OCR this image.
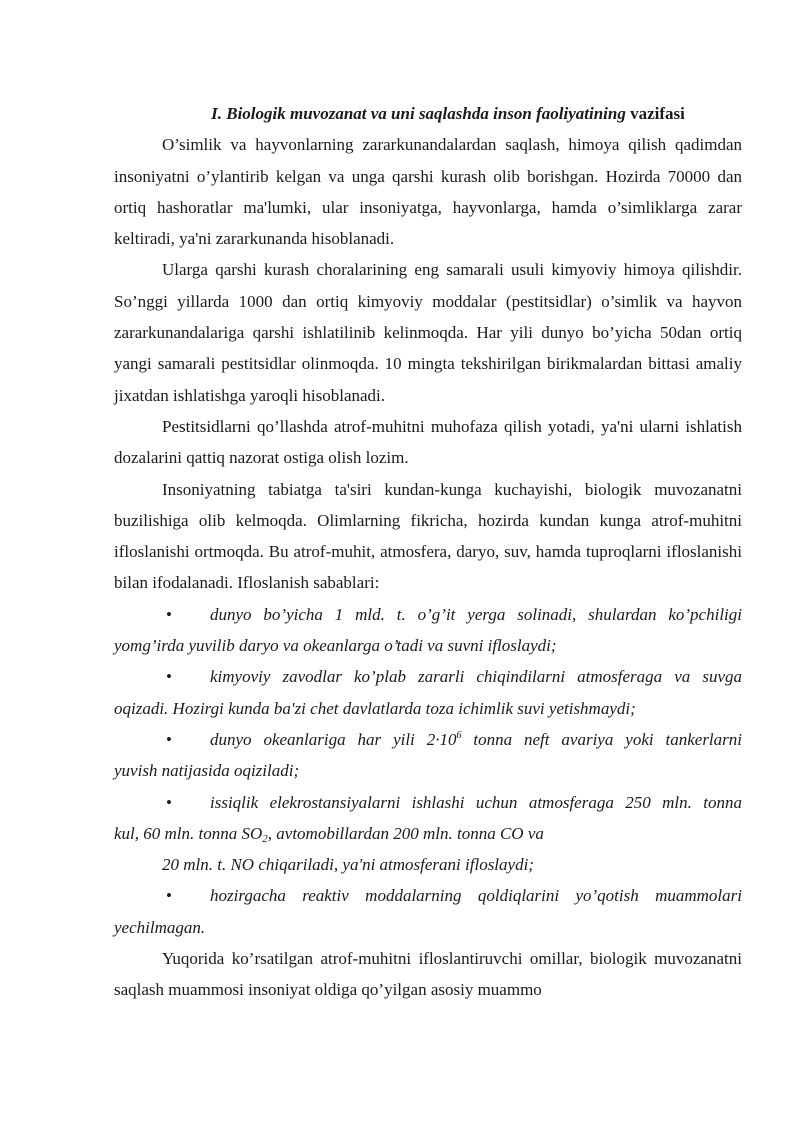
I. Biologik muvozanat va uni saqlashda inson faoliyatining vazifasi

O’simlik va hayvonlarning zararkunandalardan saqlash, himoya qilish qadimdan insoniyatni o’ylantirib kelgan va unga qarshi kurash olib borishgan. Hozirda 70000 dan ortiq hashoratlar ma'lumki, ular insoniyatga, hayvonlarga, hamda o’simliklarga zarar keltiradi, ya'ni zararkunanda hisoblanadi.

Ularga qarshi kurash choralarining eng samarali usuli kimyoviy himoya qilishdir. So’nggi yillarda 1000 dan ortiq kimyoviy moddalar (pestitsidlar) o’simlik va hayvon zararkunandalariga qarshi ishlatilinib kelinmoqda. Har yili dunyo bo’yicha 50dan ortiq yangi samarali pestitsidlar olinmoqda. 10 mingta tekshirilgan birikmalardan bittasi amaliy jixatdan ishlatishga yaroqli hisoblanadi.

Pestitsidlarni qo’llashda atrof-muhitni muhofaza qilish yotadi, ya'ni ularni ishlatish dozalarini qattiq nazorat ostiga olish lozim.

Insoniyatning tabiatga ta'siri kundan-kunga kuchayishi, biologik muvozanatni buzilishiga olib kelmoqda. Olimlarning fikricha, hozirda kundan kunga atrof-muhitni ifloslanishi ortmoqda. Bu atrof-muhit, atmosfera, daryo, suv, hamda tuproqlarni ifloslanishi bilan ifodalanadi. Ifloslanish sabablari:

• dunyo bo’yicha 1 mld. t. o’g’it yerga solinadi, shulardan ko’pchiligi
yomg’irda yuvilib daryo va okeanlarga o’tadi va suvni ifloslaydi;
• kimyoviy zavodlar ko’plab zararli chiqindilarni atmosferaga va suvga
oqizadi. Hozirgi kunda ba'zi chet davlatlarda toza ichimlik suvi yetishmaydi;
• dunyo okeanlariga har yili $2\cdot 10^6$ tonna neft avariya yoki tankerlarni
yuvish natijasida oqiziladi;
• issiqlik elekrostansiyalarni ishlashi uchun atmosferaga 250 mln. tonna
kul, 60 mln. tonna $SO_2$, avtomobillardan 200 mln. tonna CO va

20 mln. t. NO chiqariladi, ya'ni atmosferani ifloslaydi;

• hozirgacha reaktiv moddalarning qoldiqlarini yo’qotish muammolari
yechilmagan.

Yuqorida ko’rsatilgan atrof-muhitni ifloslantiruvchi omillar, biologik muvozanatni saqlash muammosi insoniyat oldiga qo’yilgan asosiy muammo
